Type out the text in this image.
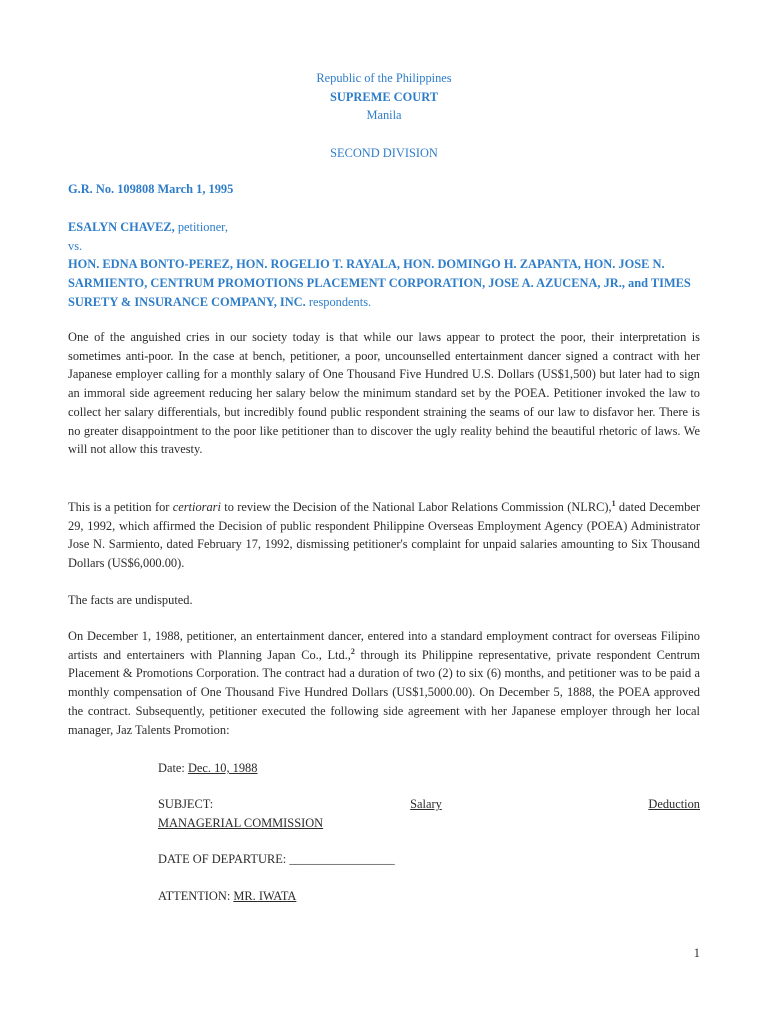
Republic of the Philippines
SUPREME COURT
Manila
SECOND DIVISION
G.R. No. 109808 March 1, 1995
ESALYN CHAVEZ, petitioner,
vs.
HON. EDNA BONTO-PEREZ, HON. ROGELIO T. RAYALA, HON. DOMINGO H. ZAPANTA, HON. JOSE N. SARMIENTO, CENTRUM PROMOTIONS PLACEMENT CORPORATION, JOSE A. AZUCENA, JR., and TIMES SURETY & INSURANCE COMPANY, INC. respondents.

One of the anguished cries in our society today is that while our laws appear to protect the poor, their interpretation is sometimes anti-poor. In the case at bench, petitioner, a poor, uncounselled entertainment dancer signed a contract with her Japanese employer calling for a monthly salary of One Thousand Five Hundred U.S. Dollars (US$1,500) but later had to sign an immoral side agreement reducing her salary below the minimum standard set by the POEA. Petitioner invoked the law to collect her salary differentials, but incredibly found public respondent straining the seams of our law to disfavor her. There is no greater disappointment to the poor like petitioner than to discover the ugly reality behind the beautiful rhetoric of laws. We will not allow this travesty.

This is a petition for certiorari to review the Decision of the National Labor Relations Commission (NLRC),$^1$ dated December 29, 1992, which affirmed the Decision of public respondent Philippine Overseas Employment Agency (POEA) Administrator Jose N. Sarmiento, dated February 17, 1992, dismissing petitioner's complaint for unpaid salaries amounting to Six Thousand Dollars (US$6,000.00).

The facts are undisputed.

On December 1, 1988, petitioner, an entertainment dancer, entered into a standard employment contract for overseas Filipino artists and entertainers with Planning Japan Co., Ltd.,$^2$ through its Philippine representative, private respondent Centrum Placement & Promotions Corporation. The contract had a duration of two (2) to six (6) months, and petitioner was to be paid a monthly compensation of One Thousand Five Hundred Dollars (US$1,5000.00). On December 5, 1888, the POEA approved the contract. Subsequently, petitioner executed the following side agreement with her Japanese employer through her local manager, Jaz Talents Promotion:

Date: Dec. 10, 1988
SUBJECT:	Salary	Deduction
MANAGERIAL COMMISSION
DATE OF DEPARTURE: _________________
ATTENTION: MR. IWATA
1
